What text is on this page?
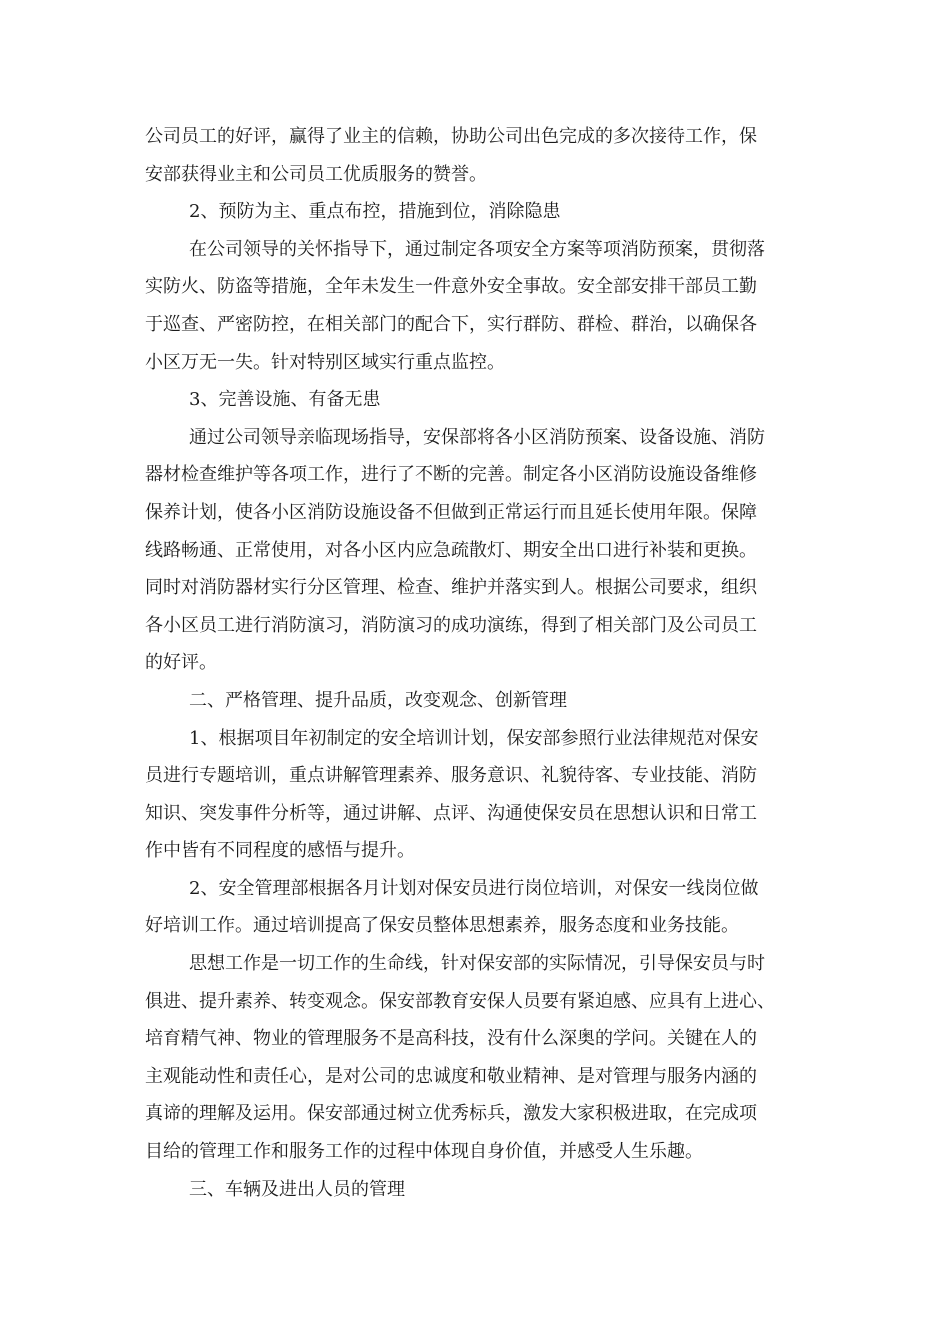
公司员工的好评，赢得了业主的信赖，协助公司出色完成的多次接待工作，保
安部获得业主和公司员工优质服务的赞誉。
2、预防为主、重点布控，措施到位，消除隐患
在公司领导的关怀指导下，通过制定各项安全方案等项消防预案，贯彻落
实防火、防盗等措施，全年未发生一件意外安全事故。安全部安排干部员工勤
于巡查、严密防控，在相关部门的配合下，实行群防、群检、群治，以确保各
小区万无一失。针对特别区域实行重点监控。
3、完善设施、有备无患
通过公司领导亲临现场指导，安保部将各小区消防预案、设备设施、消防
器材检查维护等各项工作，进行了不断的完善。制定各小区消防设施设备维修
保养计划，使各小区消防设施设备不但做到正常运行而且延长使用年限。保障
线路畅通、正常使用，对各小区内应急疏散灯、期安全出口进行补装和更换。
同时对消防器材实行分区管理、检查、维护并落实到人。根据公司要求，组织
各小区员工进行消防演习，消防演习的成功演练，得到了相关部门及公司员工
的好评。
二、严格管理、提升品质，改变观念、创新管理
1、根据项目年初制定的安全培训计划，保安部参照行业法律规范对保安
员进行专题培训，重点讲解管理素养、服务意识、礼貌待客、专业技能、消防
知识、突发事件分析等，通过讲解、点评、沟通使保安员在思想认识和日常工
作中皆有不同程度的感悟与提升。
2、安全管理部根据各月计划对保安员进行岗位培训，对保安一线岗位做
好培训工作。通过培训提高了保安员整体思想素养，服务态度和业务技能。
思想工作是一切工作的生命线，针对保安部的实际情况，引导保安员与时
俱进、提升素养、转变观念。保安部教育安保人员要有紧迫感、应具有上进心、
培育精气神、物业的管理服务不是高科技，没有什么深奥的学问。关键在人的
主观能动性和责任心，是对公司的忠诚度和敬业精神、是对管理与服务内涵的
真谛的理解及运用。保安部通过树立优秀标兵，激发大家积极进取，在完成项
目给的管理工作和服务工作的过程中体现自身价值，并感受人生乐趣。
三、车辆及进出人员的管理
